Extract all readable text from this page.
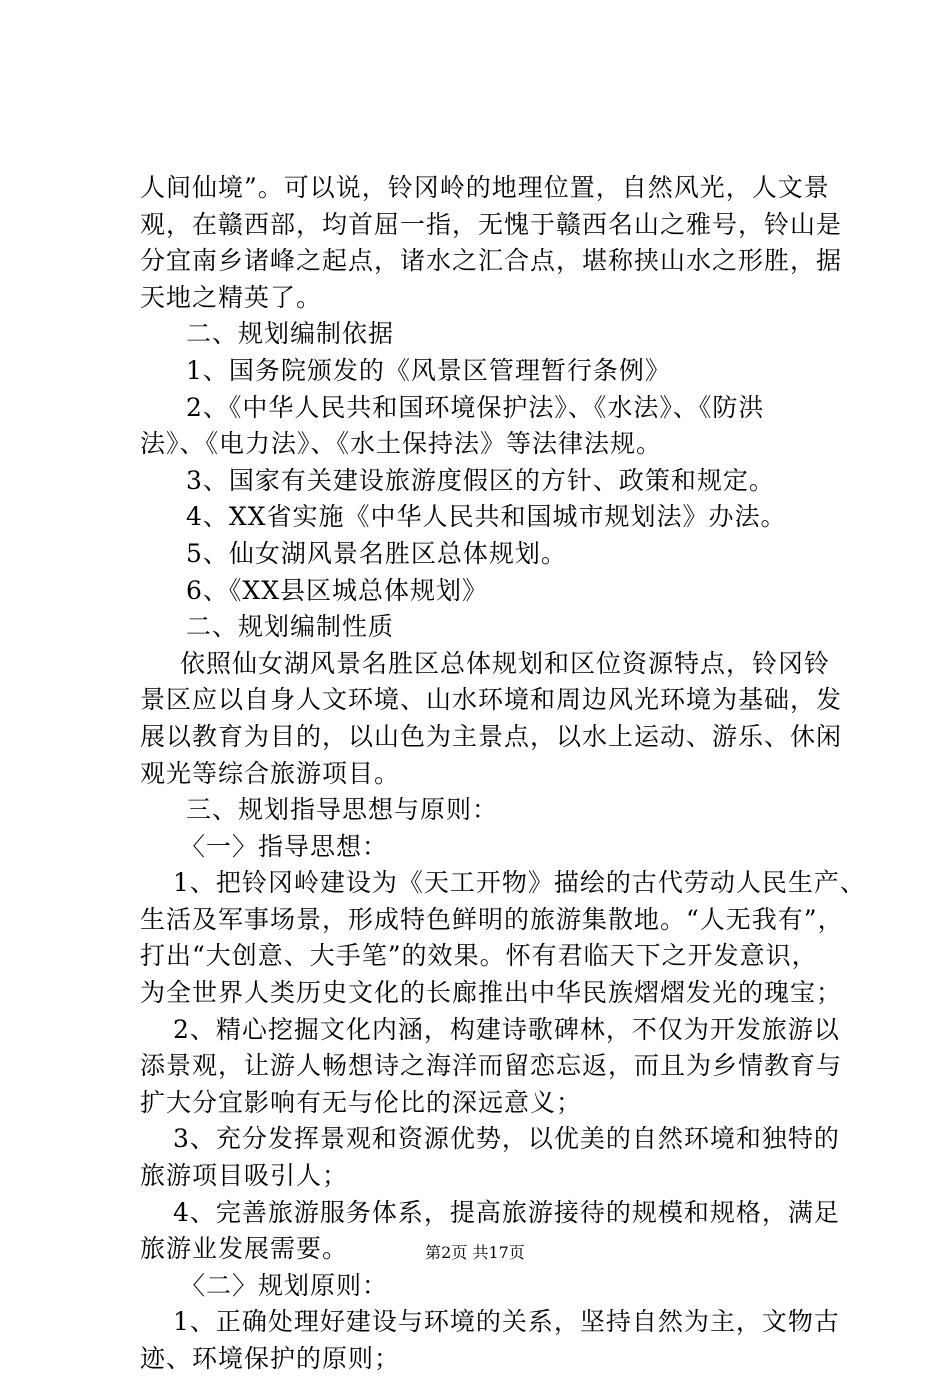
人间仙境”。可以说，铃冈岭的地理位置，自然风光，人文景
观，在赣西部，均首屈一指，无愧于赣西名山之雅号，铃山是
分宜南乡诸峰之起点，诸水之汇合点，堪称挟山水之形胜，据
天地之精英了。
二、规划编制依据
1、国务院颁发的《风景区管理暂行条例》
2、《中华人民共和国环境保护法》、《水法》、《防洪
法》、《电力法》、《水土保持法》等法律法规。
3、国家有关建设旅游度假区的方针、政策和规定。
4、XX省实施《中华人民共和国城市规划法》办法。
5、仙女湖风景名胜区总体规划。
6、《XX县区城总体规划》
二、规划编制性质
依照仙女湖风景名胜区总体规划和区位资源特点，铃冈铃
景区应以自身人文环境、山水环境和周边风光环境为基础，发
展以教育为目的，以山色为主景点，以水上运动、游乐、休闲
观光等综合旅游项目。
三、规划指导思想与原则：
〈一〉指导思想：
1、把铃冈岭建设为《天工开物》描绘的古代劳动人民生产、
生活及军事场景，形成特色鲜明的旅游集散地。“人无我有”，
打出“大创意、大手笔”的效果。怀有君临天下之开发意识，
为全世界人类历史文化的长廊推出中华民族熠熠发光的瑰宝；
2、精心挖掘文化内涵，构建诗歌碑林，不仅为开发旅游以
添景观，让游人畅想诗之海洋而留恋忘返，而且为乡情教育与
扩大分宜影响有无与伦比的深远意义；
3、充分发挥景观和资源优势，以优美的自然环境和独特的
旅游项目吸引人；
4、完善旅游服务体系，提高旅游接待的规模和规格，满足
旅游业发展需要。
〈二〉规划原则：
1、正确处理好建设与环境的关系，坚持自然为主，文物古
迹、环境保护的原则；
第2页 共17页
